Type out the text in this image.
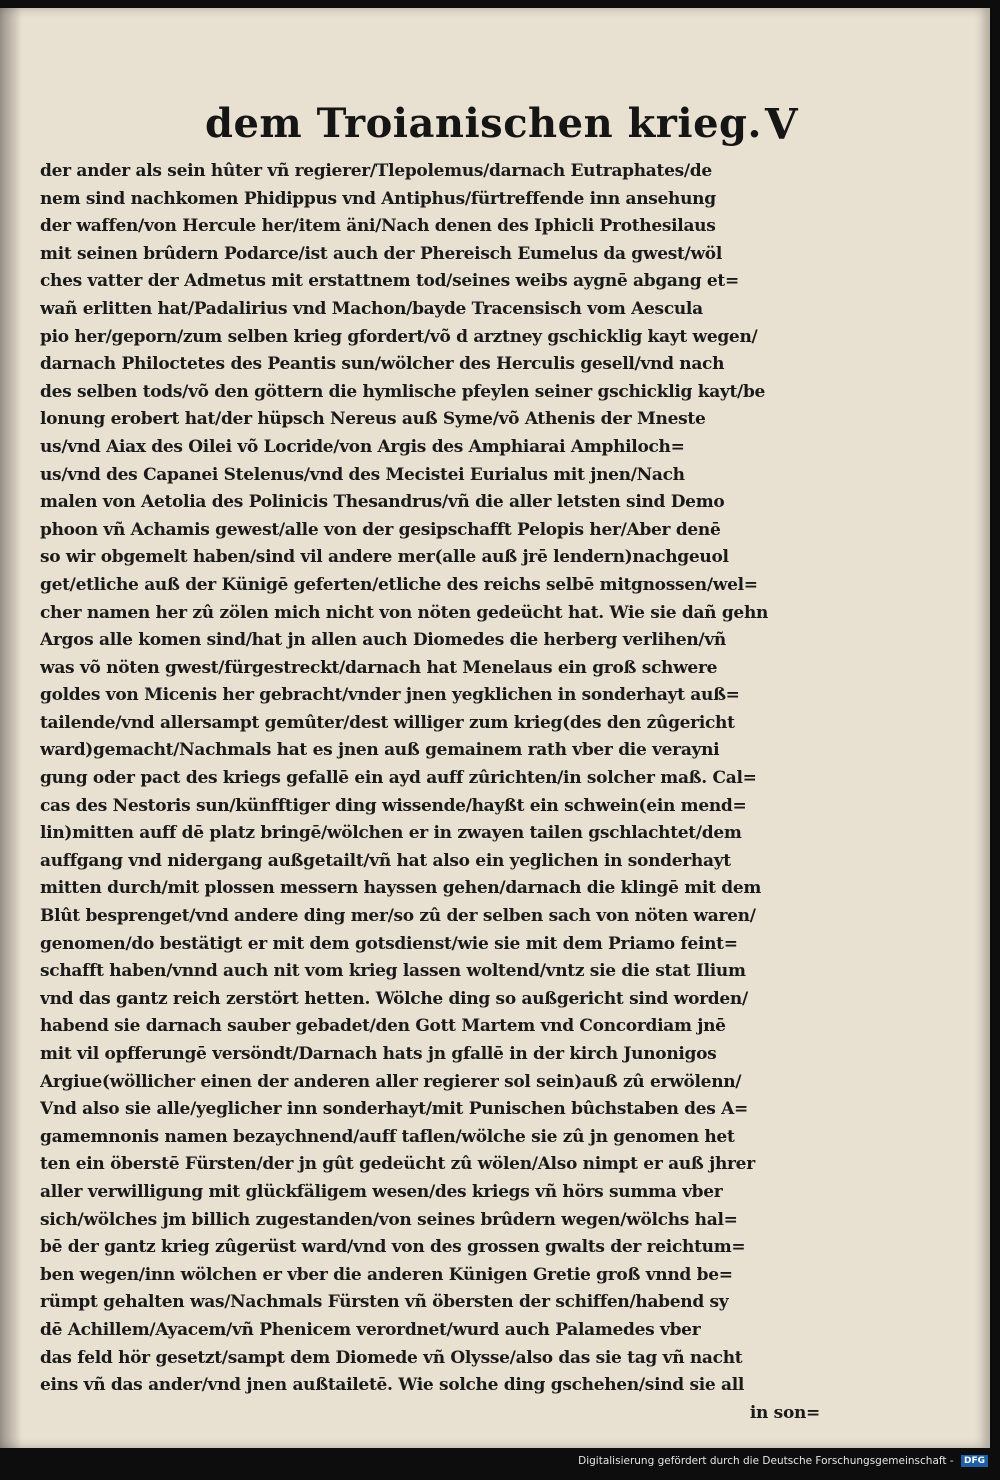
dem Troianischen krieg. V
der ander als sein hûter vñ regierer/Tlepolemus/darnach Eutraphates/de
nem sind nachkomen Phidippus vnd Antiphus/fürtreffende inn ansehung
der waffen/von Hercule her/item äni/Nach denen des Iphicli Prothesilaus
mit seinen brûdern Podarce/ist auch der Phereisch Eumelus da gwest/wöl
ches vatter der Admetus mit erstattnem tod/seines weibs aygnē abgang et=
wañ erlitten hat/Padalirius vnd Machon/bayde Tracensisch vom Aescula
pio her/geporn/zum selben krieg gfordert/võ d arztney gschicklig kayt wegen/
darnach Philoctetes des Peantis sun/wölcher des Herculis gesell/vnd nach
des selben tods/võ den göttern die hymlische pfeylen seiner gschicklig kayt/be
lonung erobert hat/der hüpsch Nereus auß Syme/võ Athenis der Mneste
us/vnd Aiax des Oilei võ Locride/von Argis des Amphiarai Amphiloch=
us/vnd des Capanei Stelenus/vnd des Mecistei Eurialus mit jnen/Nach
malen von Aetolia des Polinicis Thesandrus/vñ die aller letsten sind Demo
phoon vñ Achamis gewest/alle von der gesipschafft Pelopis her/Aber denē
so wir obgemelt haben/sind vil andere mer(alle auß jrē lendern)nachgeuol
get/etliche auß der Künigē geferten/etliche des reichs selbē mitgnossen/wel=
cher namen her zû zölen mich nicht von nöten gedeücht hat. Wie sie dañ gehn
Argos alle komen sind/hat jn allen auch Diomedes die herberg verlihen/vñ
was võ nöten gwest/fürgestreckt/darnach hat Menelaus ein groß schwere
goldes von Micenis her gebracht/vnder jnen yegklichen in sonderhayt auß=
tailende/vnd allersampt gemûter/dest williger zum krieg(des den zûgericht
ward)gemacht/Nachmals hat es jnen auß gemainem rath vber die verayni
gung oder pact des kriegs gefallē ein ayd auff zûrichten/in solcher maß. Cal=
cas des Nestoris sun/künfftiger ding wissende/hayßt ein schwein(ein mend=
lin)mitten auff dē platz bringē/wölchen er in zwayen tailen gschlachtet/dem
auffgang vnd nidergang außgetailt/vñ hat also ein yeglichen in sonderhayt
mitten durch/mit plossen messern hayssen gehen/darnach die klingē mit dem
Blût besprenget/vnd andere ding mer/so zû der selben sach von nöten waren/
genomen/do bestätigt er mit dem gotsdienst/wie sie mit dem Priamo feint=
schafft haben/vnnd auch nit vom krieg lassen woltend/vntz sie die stat Ilium
vnd das gantz reich zerstört hetten. Wölche ding so außgericht sind worden/
habend sie darnach sauber gebadet/den Gott Martem vnd Concordiam jnē
mit vil opfferungē versöndt/Darnach hats jn gfallē in der kirch Junonigos
Argiue(wöllicher einen der anderen aller regierer sol sein)auß zû erwölenn/
Vnd also sie alle/yeglicher inn sonderhayt/mit Punischen bûchstaben des A=
gamemnonis namen bezaychnend/auff taflen/wölche sie zû jn genomen het
ten ein öberstē Fürsten/der jn gût gedeücht zû wölen/Also nimpt er auß jhrer
aller verwilligung mit glückfäligem wesen/des kriegs vñ hörs summa vber
sich/wölches jm billich zugestanden/von seines brûdern wegen/wölchs hal=
bē der gantz krieg zûgerüst ward/vnd von des grossen gwalts der reichtum=
ben wegen/inn wölchen er vber die anderen Künigen Gretie groß vnnd be=
rümpt gehalten was/Nachmals Fürsten vñ öbersten der schiffen/habend sy
dē Achillem/Ayacem/vñ Phenicem verordnet/wurd auch Palamedes vber
das feld hör gesetzt/sampt dem Diomede vñ Olysse/also das sie tag vñ nacht
eins vñ das ander/vnd jnen außtailetē. Wie solche ding gschehen/sind sie all
in son=
Digitalisierung gefördert durch die Deutsche Forschungsgemeinschaft - DFG
